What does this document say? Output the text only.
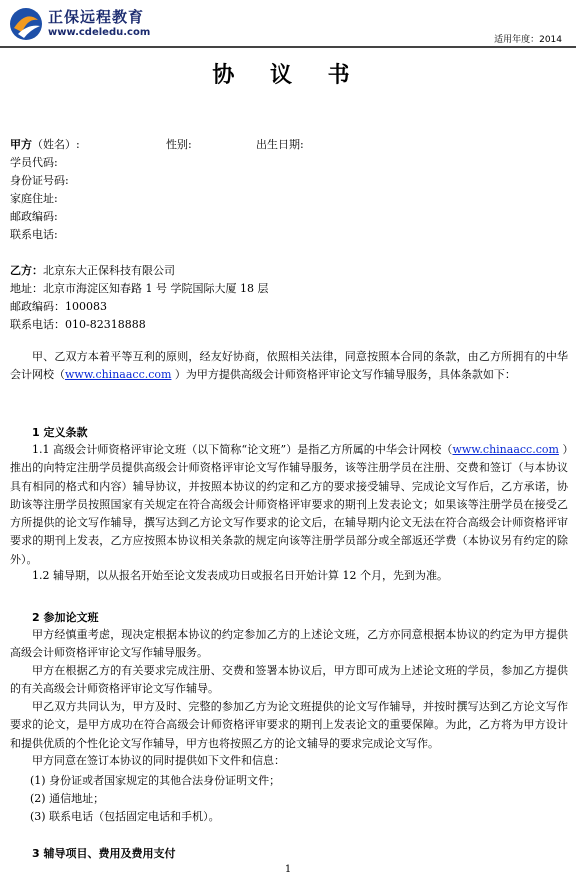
正保远程教育
www.cdeledu.com
适用年度：2014
协 议 书
甲方（姓名）:	性别:	出生日期:
学员代码:
身份证号码:
家庭住址:
邮政编码:
联系电话:
乙方：北京东大正保科技有限公司
地址：北京市海淀区知春路 1 号 学院国际大厦 18 层
邮政编码：100083
联系电话：010-82318888
甲、乙双方本着平等互利的原则，经友好协商，依照相关法律，同意按照本合同的条款，由乙方所拥有的中华会计网校（www.chinaacc.com ）为甲方提供高级会计师资格评审论文写作辅导服务，具体条款如下：
1 定义条款
1.1 高级会计师资格评审论文班（以下简称“论文班”）是指乙方所属的中华会计网校（www.chinaacc.com ）推出的向特定注册学员提供高级会计师资格评审论文写作辅导服务，该等注册学员在注册、交费和签订（与本协议具有相同的格式和内容）辅导协议，并按照本协议的约定和乙方的要求接受辅导、完成论文写作后，乙方承诺，协助该等注册学员按照国家有关规定在符合高级会计师资格评审要求的期刊上发表论文；如果该等注册学员在接受乙方所提供的论文写作辅导，撰写达到乙方论文写作要求的论文后，在辅导期内论文无法在符合高级会计师资格评审要求的期刊上发表，乙方应按照本协议相关条款的规定向该等注册学员部分或全部返还学费（本协议另有约定的除外）。
1.2 辅导期，以从报名开始至论文发表成功日或报名日开始计算 12 个月，先到为准。
2 参加论文班
甲方经慎重考虑，现决定根据本协议的约定参加乙方的上述论文班，乙方亦同意根据本协议的约定为甲方提供高级会计师资格评审论文写作辅导服务。
甲方在根据乙方的有关要求完成注册、交费和签署本协议后，甲方即可成为上述论文班的学员，参加乙方提供的有关高级会计师资格评审论文写作辅导。
甲乙双方共同认为，甲方及时、完整的参加乙方为论文班提供的论文写作辅导，并按时撰写达到乙方论文写作要求的论文，是甲方成功在符合高级会计师资格评审要求的期刊上发表论文的重要保障。为此，乙方将为甲方设计和提供优质的个性化论文写作辅导，甲方也将按照乙方的论文辅导的要求完成论文写作。
甲方同意在签订本协议的同时提供如下文件和信息：
(1) 身份证或者国家规定的其他合法身份证明文件；
(2) 通信地址；
(3) 联系电话（包括固定电话和手机）。
3 辅导项目、费用及费用支付
1
